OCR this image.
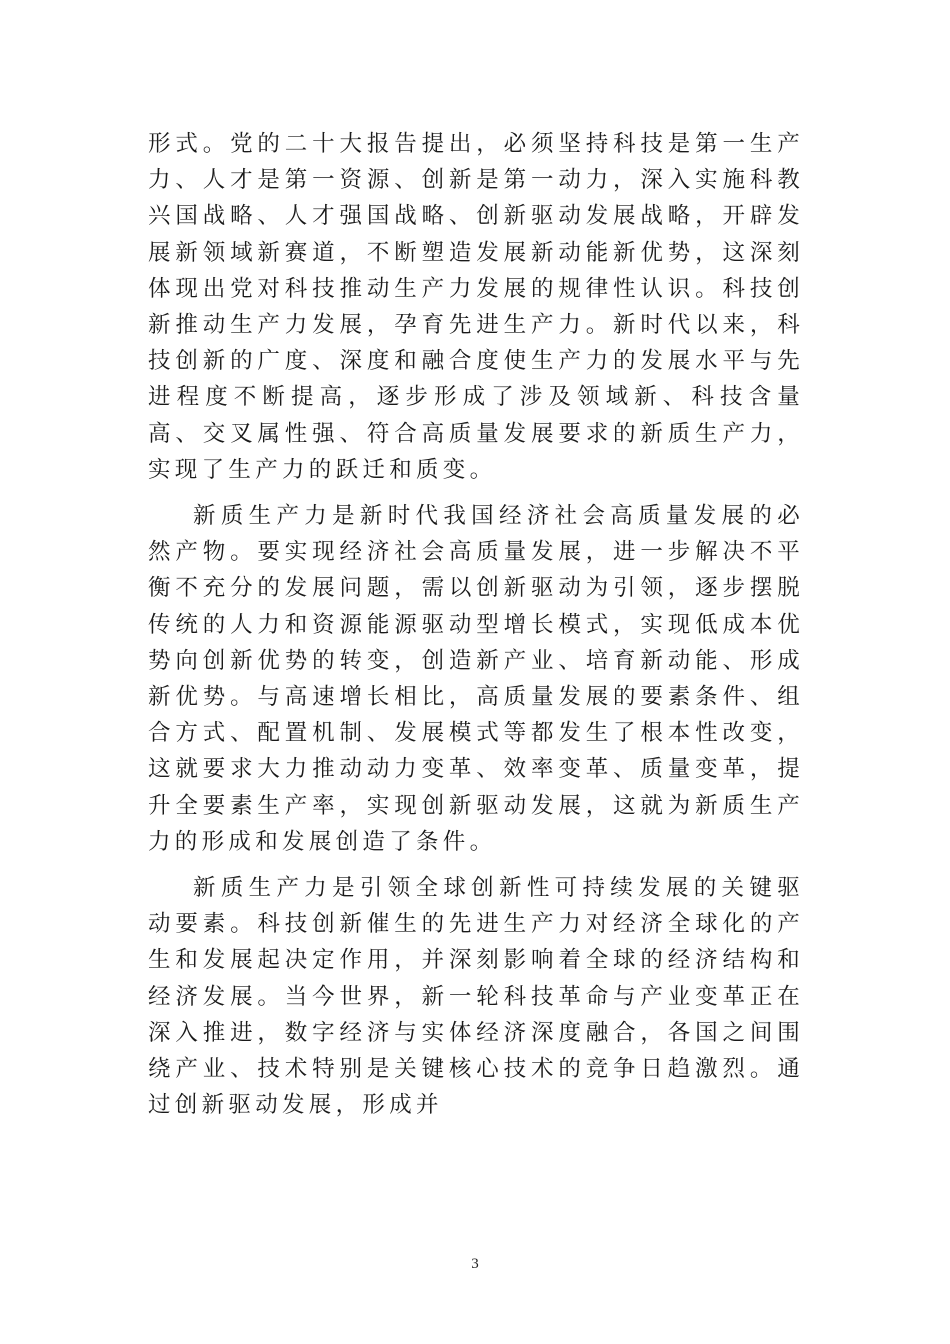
形式。党的二十大报告提出，必须坚持科技是第一生产力、人才是第一资源、创新是第一动力，深入实施科教兴国战略、人才强国战略、创新驱动发展战略，开辟发展新领域新赛道，不断塑造发展新动能新优势，这深刻体现出党对科技推动生产力发展的规律性认识。科技创新推动生产力发展，孕育先进生产力。新时代以来，科技创新的广度、深度和融合度使生产力的发展水平与先进程度不断提高，逐步形成了涉及领域新、科技含量高、交叉属性强、符合高质量发展要求的新质生产力，实现了生产力的跃迁和质变。

新质生产力是新时代我国经济社会高质量发展的必然产物。要实现经济社会高质量发展，进一步解决不平衡不充分的发展问题，需以创新驱动为引领，逐步摆脱传统的人力和资源能源驱动型增长模式，实现低成本优势向创新优势的转变，创造新产业、培育新动能、形成新优势。与高速增长相比，高质量发展的要素条件、组合方式、配置机制、发展模式等都发生了根本性改变，这就要求大力推动动力变革、效率变革、质量变革，提升全要素生产率，实现创新驱动发展，这就为新质生产力的形成和发展创造了条件。

新质生产力是引领全球创新性可持续发展的关键驱动要素。科技创新催生的先进生产力对经济全球化的产生和发展起决定作用，并深刻影响着全球的经济结构和经济发展。当今世界，新一轮科技革命与产业变革正在深入推进，数字经济与实体经济深度融合，各国之间围绕产业、技术特别是关键核心技术的竞争日趋激烈。通过创新驱动发展，形成并

3
